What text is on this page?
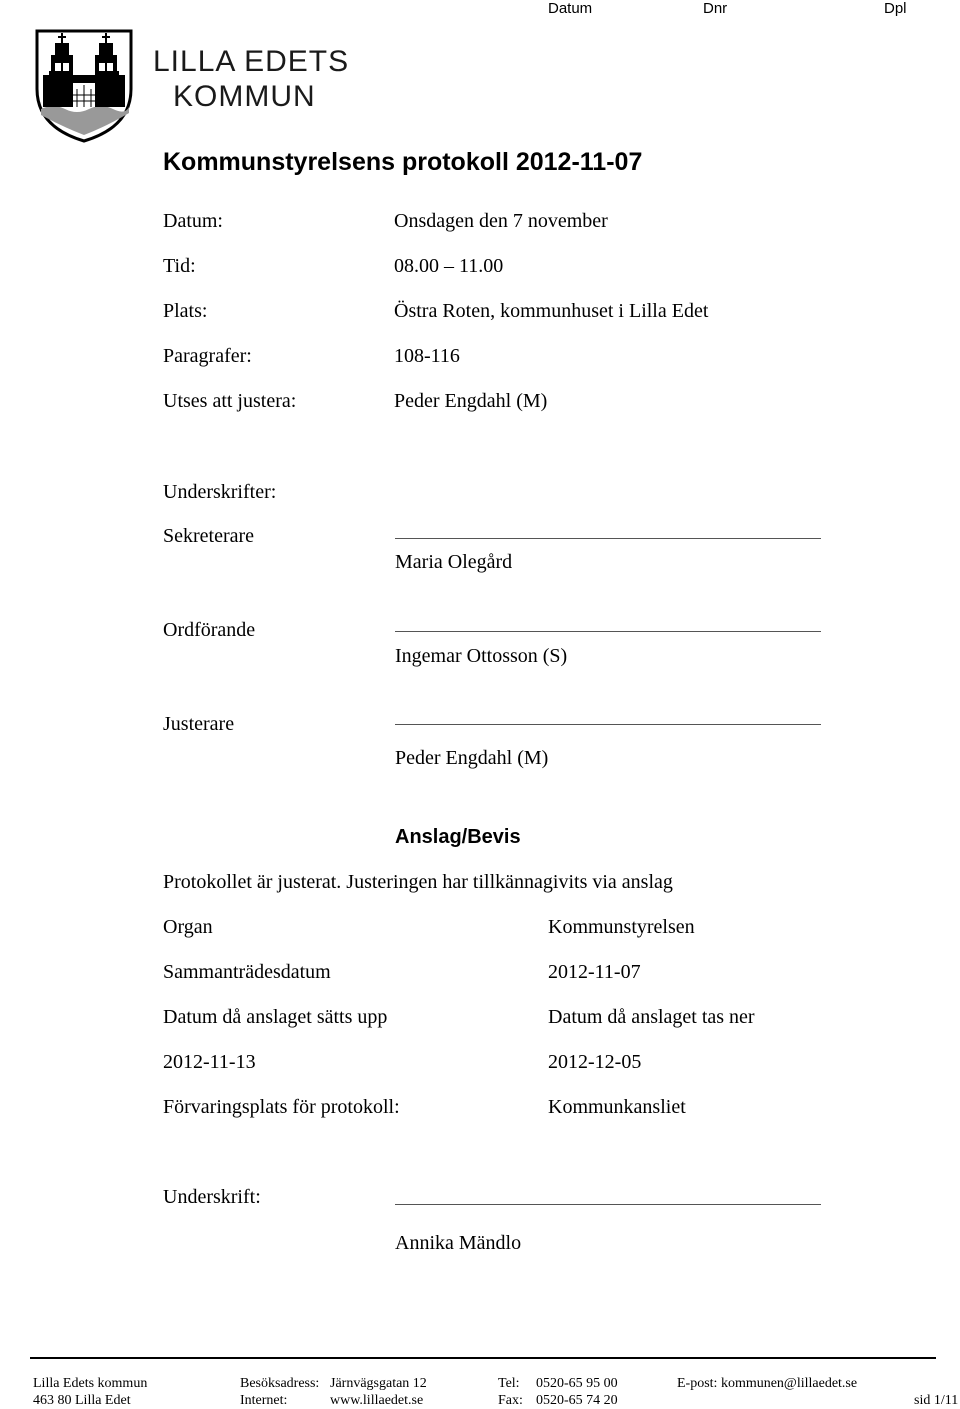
Datum	Dnr	Dpl
LILLA EDETS
KOMMUN
Kommunstyrelsens protokoll 2012-11-07
Datum:	Onsdagen den 7 november
Tid:	08.00 – 11.00
Plats:	Östra Roten, kommunhuset i Lilla Edet
Paragrafer:	108-116
Utses att justera:	Peder Engdahl (M)
Underskrifter:
Sekreterare
Maria Olegård
Ordförande
Ingemar Ottosson (S)
Justerare
Peder Engdahl (M)
Anslag/Bevis
Protokollet är justerat. Justeringen har tillkännagivits via anslag
Organ	Kommunstyrelsen
Sammanträdesdatum	2012-11-07
Datum då anslaget sätts upp	Datum då anslaget tas ner
2012-11-13	2012-12-05
Förvaringsplats för protokoll:	Kommunkansliet
Underskrift:
Annika Mändlo
Lilla Edets kommun
463 80 Lilla Edet
Besöksadress: Järnvägsgatan 12
Internet:	www.lillaedet.se
Tel: 0520-65 95 00
Fax: 0520-65 74 20
E-post: kommunen@lillaedet.se
sid 1/11
